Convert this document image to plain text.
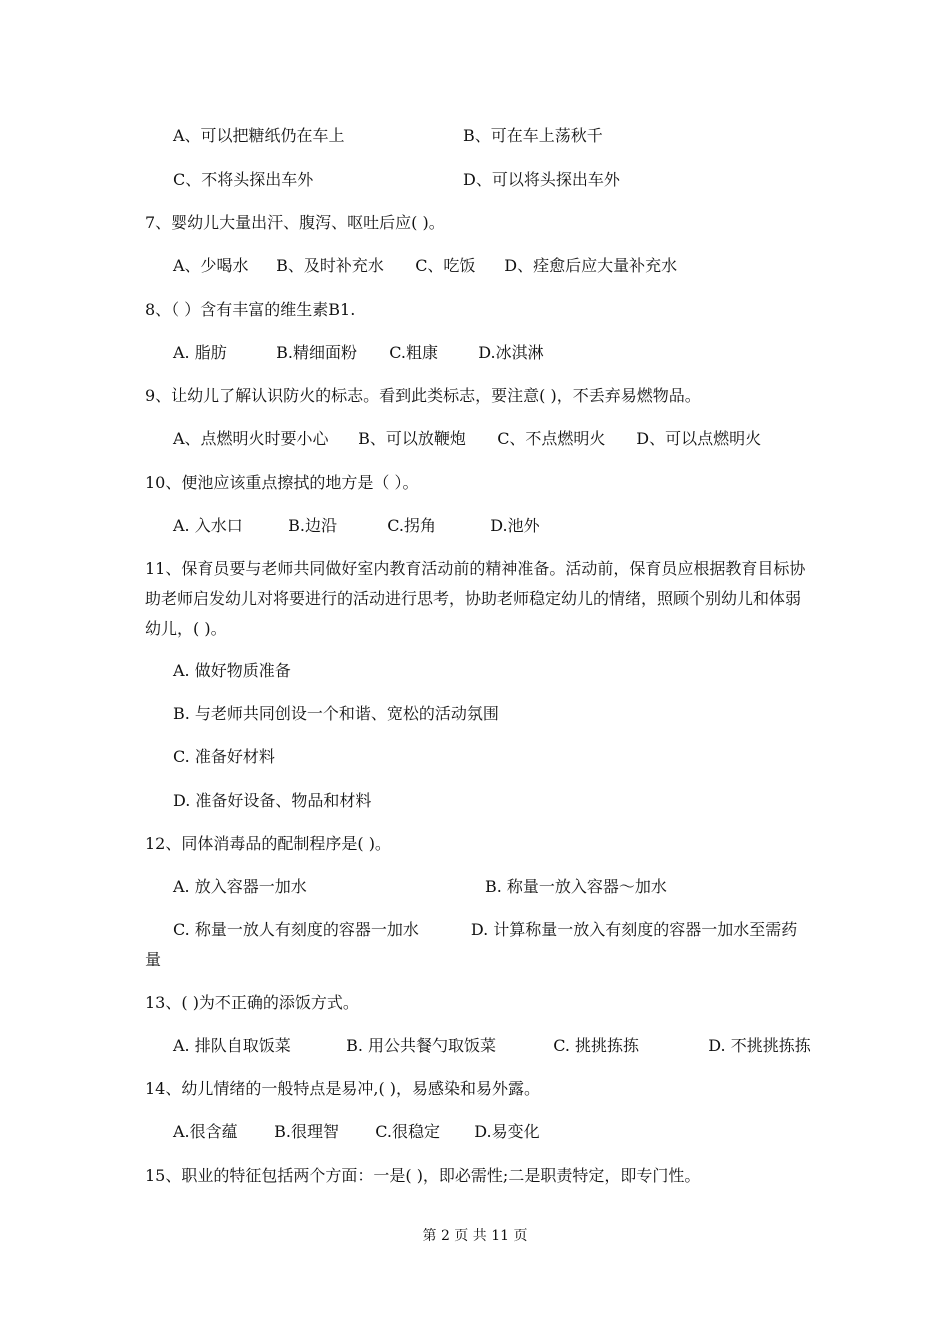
A、可以把糖纸仍在车上	B、可在车上荡秋千
C、不将头探出车外	D、可以将头探出车外
7、婴幼儿大量出汗、腹泻、呕吐后应( )。
A、少喝水 B、及时补充水 C、吃饭 D、痊愈后应大量补充水
8、（ ）含有丰富的维生素B1.
A. 脂肪	B.精细面粉 C.粗康	D.冰淇淋
9、让幼儿了解认识防火的标志。看到此类标志，要注意( )，不丢弃易燃物品。
A、点燃明火时要小心 B、可以放鞭炮 C、不点燃明火 D、可以点燃明火
10、便池应该重点擦拭的地方是（ ）。
A. 入水口	B.边沿	C.拐角	D.池外
11、保育员要与老师共同做好室内教育活动前的精神准备。活动前，保育员应根据教育目标协助老师启发幼儿对将要进行的活动进行思考，协助老师稳定幼儿的情绪，照顾个别幼儿和体弱幼儿，( )。
A. 做好物质准备
B. 与老师共同创设一个和谐、宽松的活动氛围
C. 准备好材料
D. 准备好设备、物品和材料
12、同体消毒品的配制程序是( )。
A. 放入容器一加水	B. 称量一放入容器～加水
C. 称量一放人有刻度的容器一加水	D. 计算称量一放入有刻度的容器一加水至需药量
13、( )为不正确的添饭方式。
A. 排队自取饭菜	B. 用公共餐勺取饭菜	C. 挑挑拣拣	D. 不挑挑拣拣
14、幼儿情绪的一般特点是易冲,( )，易感染和易外露。
A.很含蕴 B.很理智 C.很稳定 D.易变化
15、职业的特征包括两个方面：一是( )，即必需性;二是职责特定，即专门性。
第 2 页 共 11 页
